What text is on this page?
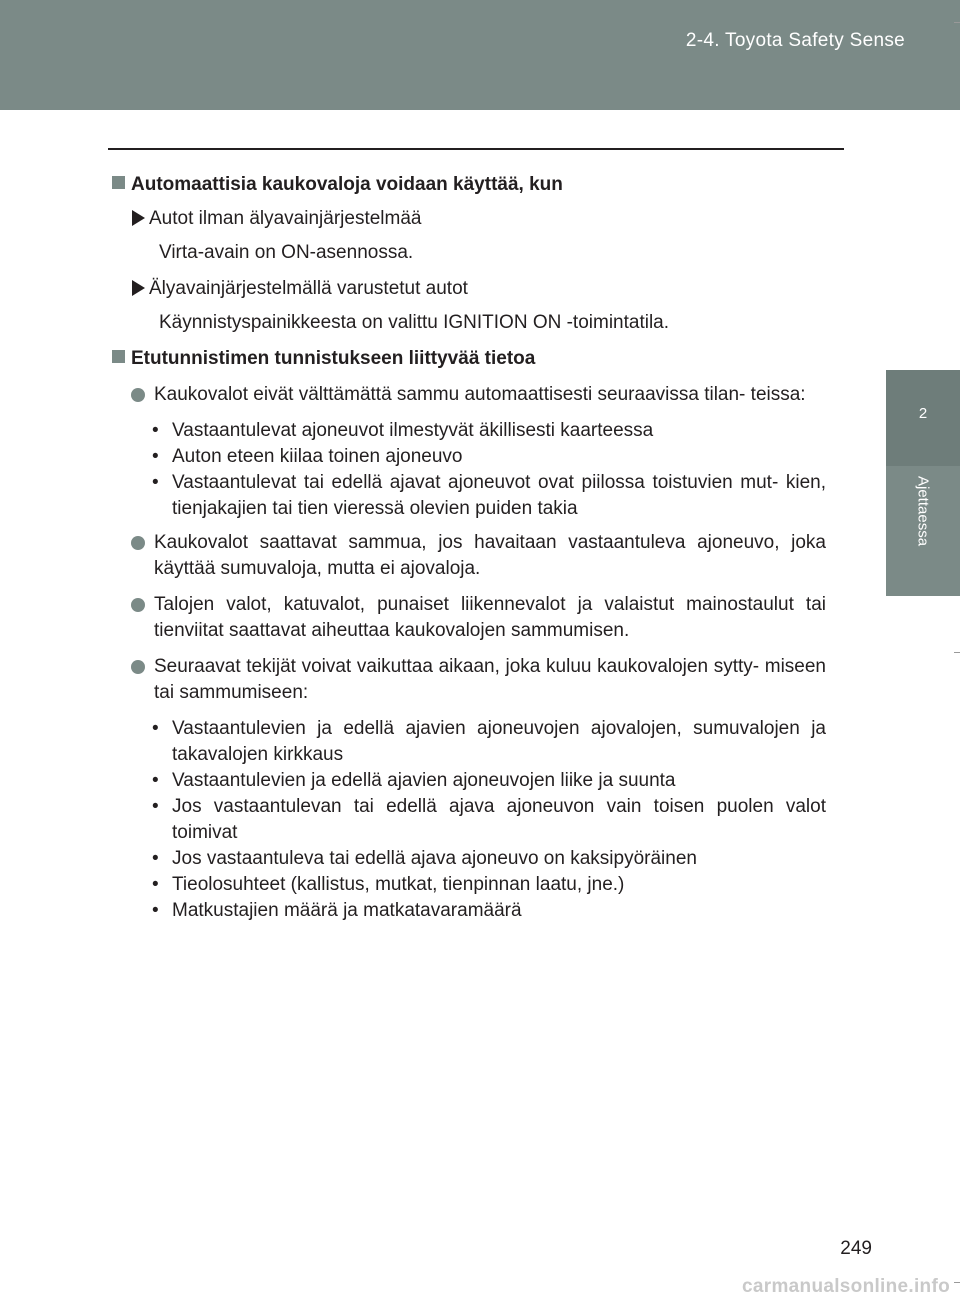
2-4. Toyota Safety Sense
2
Ajettaessa

Automaattisia kaukovaloja voidaan käyttää, kun

Autot ilman älyavainjärjestelmää
Virta-avain on ON-asennossa.
Älyavainjärjestelmällä varustetut autot
Käynnistyspainikkeesta on valittu IGNITION ON -toimintatila.

Etutunnistimen tunnistukseen liittyvää tietoa

Kaukovalot eivät välttämättä sammu automaattisesti seuraavissa tilan- teissa:
• Vastaantulevat ajoneuvot ilmestyvät äkillisesti kaarteessa
• Auton eteen kiilaa toinen ajoneuvo
• Vastaantulevat tai edellä ajavat ajoneuvot ovat piilossa toistuvien mut- kien, tienjakajien tai tien vieressä olevien puiden takia
Kaukovalot saattavat sammua, jos havaitaan vastaantuleva ajoneuvo, joka käyttää sumuvaloja, mutta ei ajovaloja.
Talojen valot, katuvalot, punaiset liikennevalot ja valaistut mainostaulut tai tienviitat saattavat aiheuttaa kaukovalojen sammumisen.
Seuraavat tekijät voivat vaikuttaa aikaan, joka kuluu kaukovalojen sytty- miseen tai sammumiseen:
• Vastaantulevien ja edellä ajavien ajoneuvojen ajovalojen, sumuvalojen ja takavalojen kirkkaus
• Vastaantulevien ja edellä ajavien ajoneuvojen liike ja suunta
• Jos vastaantulevan tai edellä ajava ajoneuvon vain toisen puolen valot toimivat
• Jos vastaantuleva tai edellä ajava ajoneuvo on kaksipyöräinen
• Tieolosuhteet (kallistus, mutkat, tienpinnan laatu, jne.)
• Matkustajien määrä ja matkatavaramäärä
249
carmanualsonline.info
